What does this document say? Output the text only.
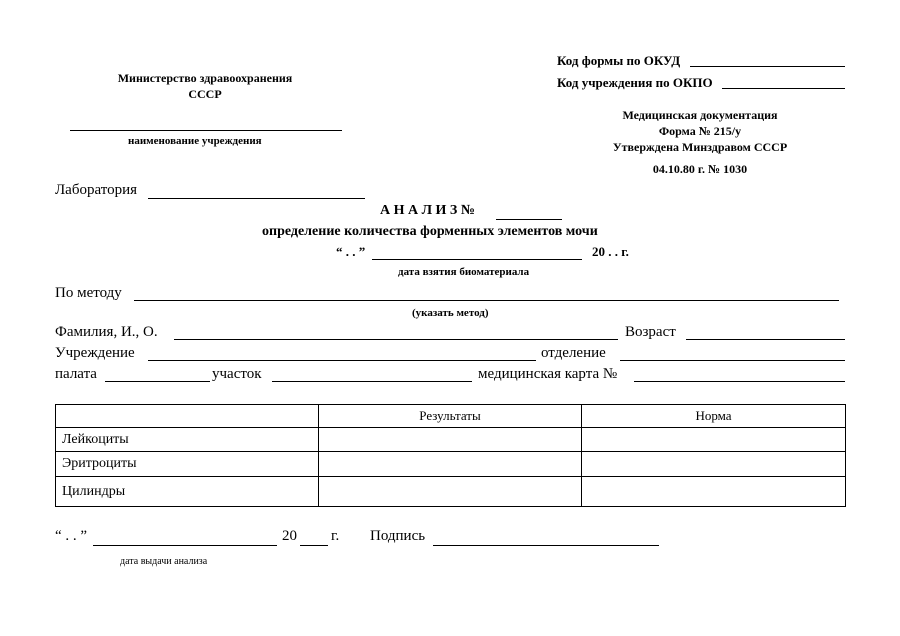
Министерство здравоохранения
СССР
наименование учреждения
Код формы по ОКУД
Код учреждения по ОКПО
Медицинская документация
Форма № 215/у
Утверждена Минздравом СССР
04.10.80 г. № 1030
Лаборатория
А Н А Л И З №
определение количества форменных элементов мочи
“ . . ”	20 . . г.
дата взятия биоматериала
По методу
(указать метод)
Фамилия, И., О.	Возраст
Учреждение	отделение
палата	участок	медицинская карта №
	Результаты	Норма
Лейкоциты		
Эритроциты		
Цилиндры		
“ . . ”	20 г. Подпись
дата выдачи анализа
